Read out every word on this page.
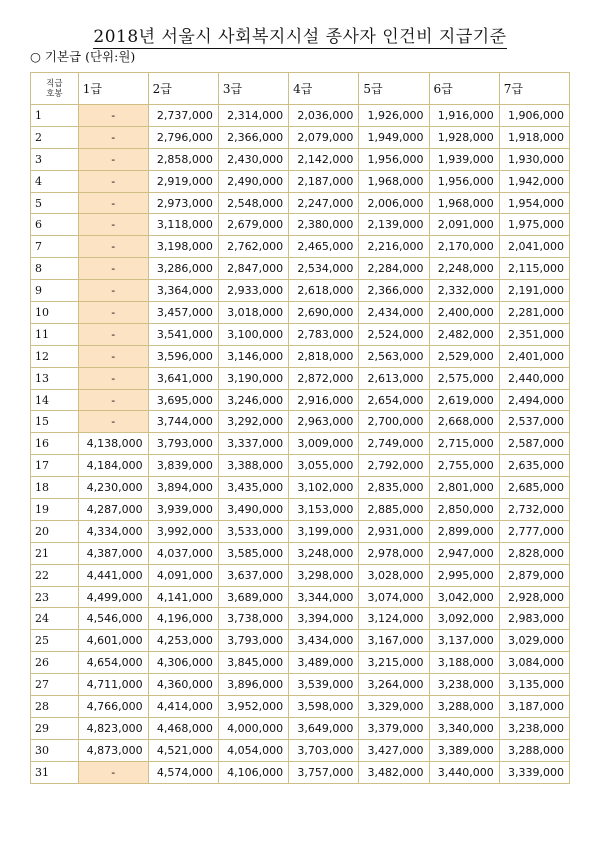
2018년 서울시 사회복지시설 종사자 인건비 지급기준
○ 기본급 (단위:원)
직급
호봉	1급	2급	3급	4급	5급	6급	7급
1	-	2,737,000	2,314,000	2,036,000	1,926,000	1,916,000	1,906,000
2	-	2,796,000	2,366,000	2,079,000	1,949,000	1,928,000	1,918,000
3	-	2,858,000	2,430,000	2,142,000	1,956,000	1,939,000	1,930,000
4	-	2,919,000	2,490,000	2,187,000	1,968,000	1,956,000	1,942,000
5	-	2,973,000	2,548,000	2,247,000	2,006,000	1,968,000	1,954,000
6	-	3,118,000	2,679,000	2,380,000	2,139,000	2,091,000	1,975,000
7	-	3,198,000	2,762,000	2,465,000	2,216,000	2,170,000	2,041,000
8	-	3,286,000	2,847,000	2,534,000	2,284,000	2,248,000	2,115,000
9	-	3,364,000	2,933,000	2,618,000	2,366,000	2,332,000	2,191,000
10	-	3,457,000	3,018,000	2,690,000	2,434,000	2,400,000	2,281,000
11	-	3,541,000	3,100,000	2,783,000	2,524,000	2,482,000	2,351,000
12	-	3,596,000	3,146,000	2,818,000	2,563,000	2,529,000	2,401,000
13	-	3,641,000	3,190,000	2,872,000	2,613,000	2,575,000	2,440,000
14	-	3,695,000	3,246,000	2,916,000	2,654,000	2,619,000	2,494,000
15	-	3,744,000	3,292,000	2,963,000	2,700,000	2,668,000	2,537,000
16	4,138,000	3,793,000	3,337,000	3,009,000	2,749,000	2,715,000	2,587,000
17	4,184,000	3,839,000	3,388,000	3,055,000	2,792,000	2,755,000	2,635,000
18	4,230,000	3,894,000	3,435,000	3,102,000	2,835,000	2,801,000	2,685,000
19	4,287,000	3,939,000	3,490,000	3,153,000	2,885,000	2,850,000	2,732,000
20	4,334,000	3,992,000	3,533,000	3,199,000	2,931,000	2,899,000	2,777,000
21	4,387,000	4,037,000	3,585,000	3,248,000	2,978,000	2,947,000	2,828,000
22	4,441,000	4,091,000	3,637,000	3,298,000	3,028,000	2,995,000	2,879,000
23	4,499,000	4,141,000	3,689,000	3,344,000	3,074,000	3,042,000	2,928,000
24	4,546,000	4,196,000	3,738,000	3,394,000	3,124,000	3,092,000	2,983,000
25	4,601,000	4,253,000	3,793,000	3,434,000	3,167,000	3,137,000	3,029,000
26	4,654,000	4,306,000	3,845,000	3,489,000	3,215,000	3,188,000	3,084,000
27	4,711,000	4,360,000	3,896,000	3,539,000	3,264,000	3,238,000	3,135,000
28	4,766,000	4,414,000	3,952,000	3,598,000	3,329,000	3,288,000	3,187,000
29	4,823,000	4,468,000	4,000,000	3,649,000	3,379,000	3,340,000	3,238,000
30	4,873,000	4,521,000	4,054,000	3,703,000	3,427,000	3,389,000	3,288,000
31	-	4,574,000	4,106,000	3,757,000	3,482,000	3,440,000	3,339,000
